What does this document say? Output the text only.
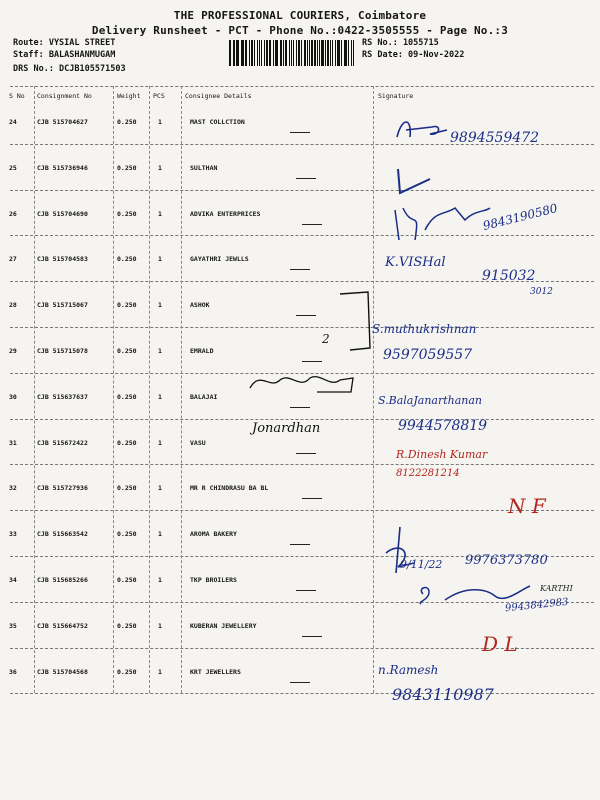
THE PROFESSIONAL COURIERS, Coimbatore
Delivery Runsheet - PCT - Phone No.:0422-3505555 - Page No.:3
Route: VYSIAL STREET
Staff: BALASHANMUGAM
DRS No.: DCJB105571503
RS No.: 1055715
RS Date: 09-Nov-2022
S No Consignment No	Weight PCS	Consignee Details	Signature
24	CJB 515704627	0.250	1	MAST COLLCTION
25	CJB 515736946	0.250	1	SULTHAN
26	CJB 515704690	0.250	1	ADVIKA ENTERPRICES
27	CJB 515704583	0.250	1	GAYATHRI JEWLLS
28	CJB 515715067	0.250	1	ASHOK
29	CJB 515715078	0.250	1	EMRALD
30	CJB 515637637	0.250	1	BALAJAI
31	CJB 515672422	0.250	1	VASU
32	CJB 515727936	0.250	1	MR R CHINDRASU BA BL
33	CJB 515663542	0.250	1	AROMA BAKERY
34	CJB 515685266	0.250	1	TKP BROILERS
35	CJB 515664752	0.250	1	KUBERAN JEWELLERY
36	CJB 515704568	0.250	1	KRT JEWELLERS
9894559472
9843190580
K.VISHal
915032
3012
2
S.muthukrishnan
9597059557
S.BalaJanarthanan
9944578819
Jonardhan
R.Dinesh Kumar
8122281214
N F
9/11/22 9976373780
KARTHI
9943842983
D L
n.Ramesh
9843110987
